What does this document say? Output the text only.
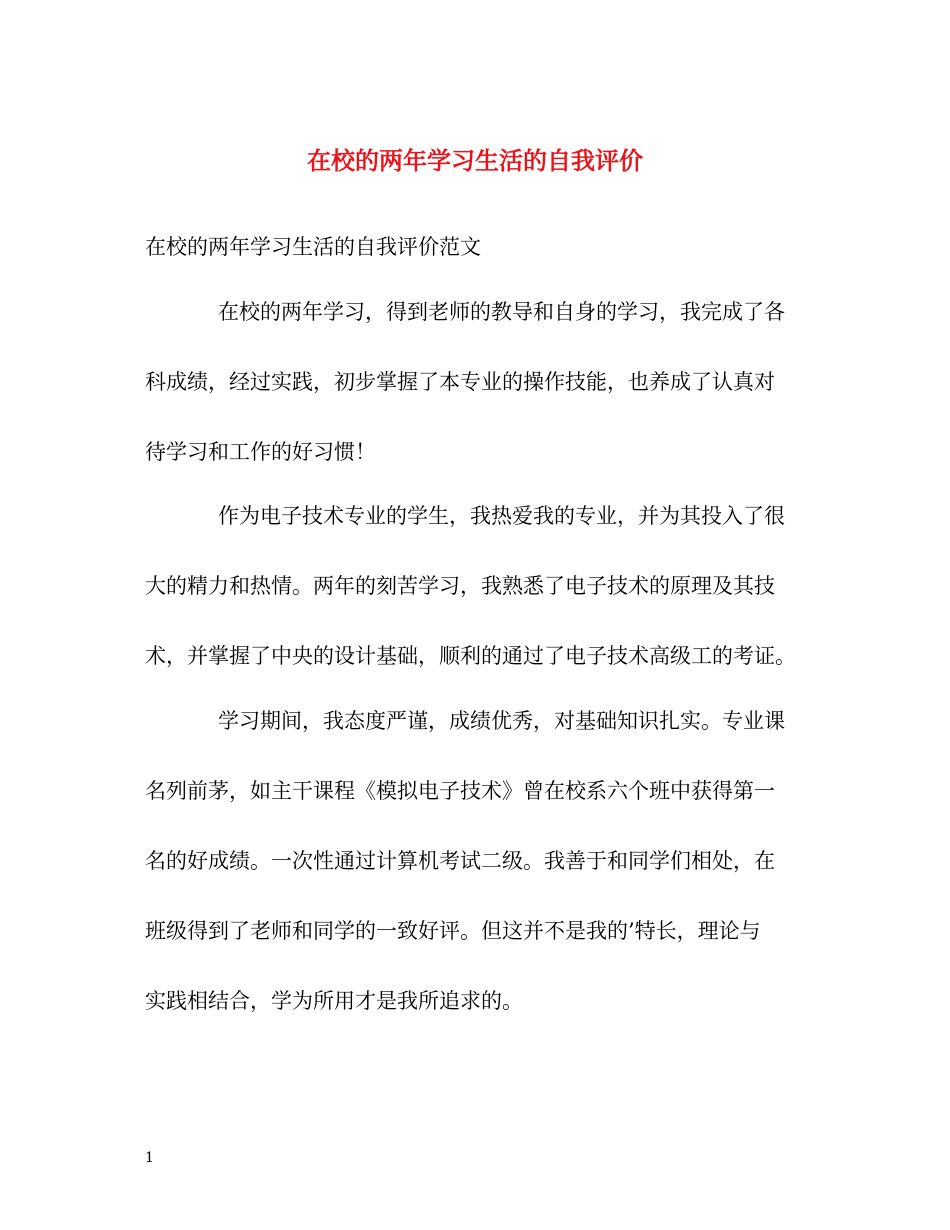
在校的两年学习生活的自我评价

在校的两年学习生活的自我评价范文

在校的两年学习，得到老师的教导和自身的学习，我完成了各
科成绩，经过实践，初步掌握了本专业的操作技能，也养成了认真对
待学习和工作的好习惯！
作为电子技术专业的学生，我热爱我的专业，并为其投入了很
大的精力和热情。两年的刻苦学习，我熟悉了电子技术的原理及其技
术，并掌握了中央的设计基础，顺利的通过了电子技术高级工的考证。
学习期间，我态度严谨，成绩优秀，对基础知识扎实。专业课
名列前茅，如主干课程《模拟电子技术》曾在校系六个班中获得第一
名的好成绩。一次性通过计算机考试二级。我善于和同学们相处，在
班级得到了老师和同学的一致好评。但这并不是我的’特长，理论与
实践相结合，学为所用才是我所追求的。
1
